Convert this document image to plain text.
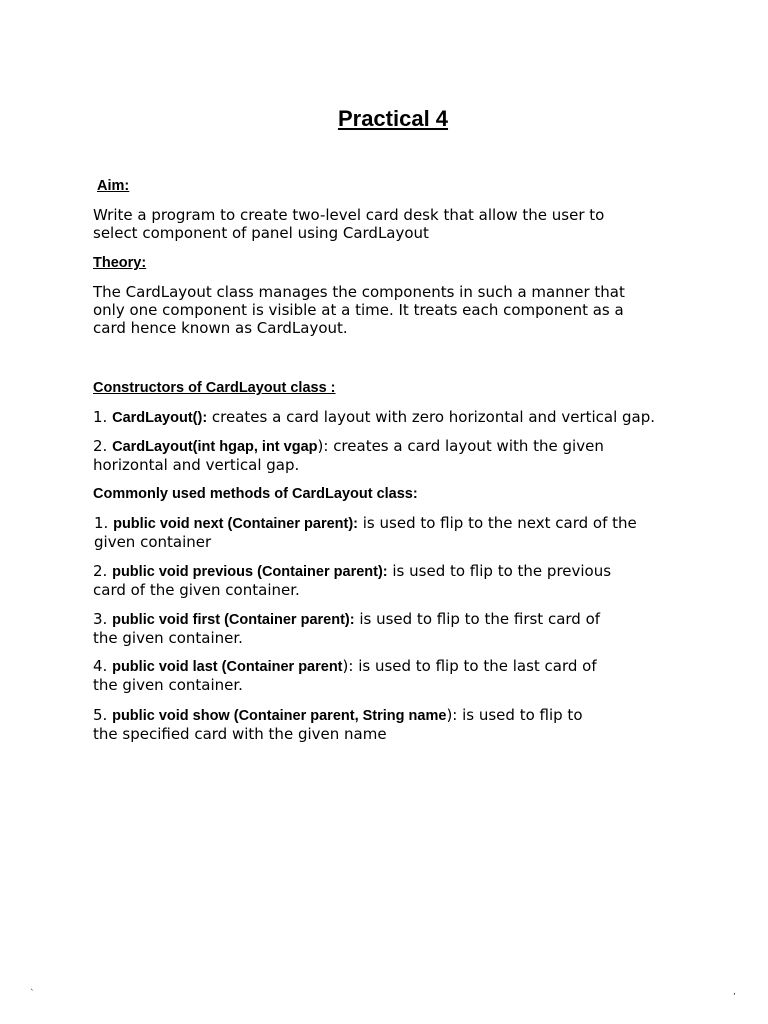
Practical 4
Aim:
Write a program to create two-level card desk that allow the user to
select component of panel using CardLayout
Theory:
The CardLayout class manages the components in such a manner that
only one component is visible at a time. It treats each component as a
card hence known as CardLayout.
Constructors of CardLayout class :
1. CardLayout(): creates a card layout with zero horizontal and vertical gap.
2. CardLayout(int hgap, int vgap): creates a card layout with the given
horizontal and vertical gap.
Commonly used methods of CardLayout class:
1. public void next (Container parent): is used to flip to the next card of the
given container
2. public void previous (Container parent): is used to flip to the previous
card of the given container.
3. public void first (Container parent): is used to flip to the first card of
the given container.
4. public void last (Container parent): is used to flip to the last card of
the given container.
5. public void show (Container parent, String name): is used to flip to
the specified card with the given name
`	‚
